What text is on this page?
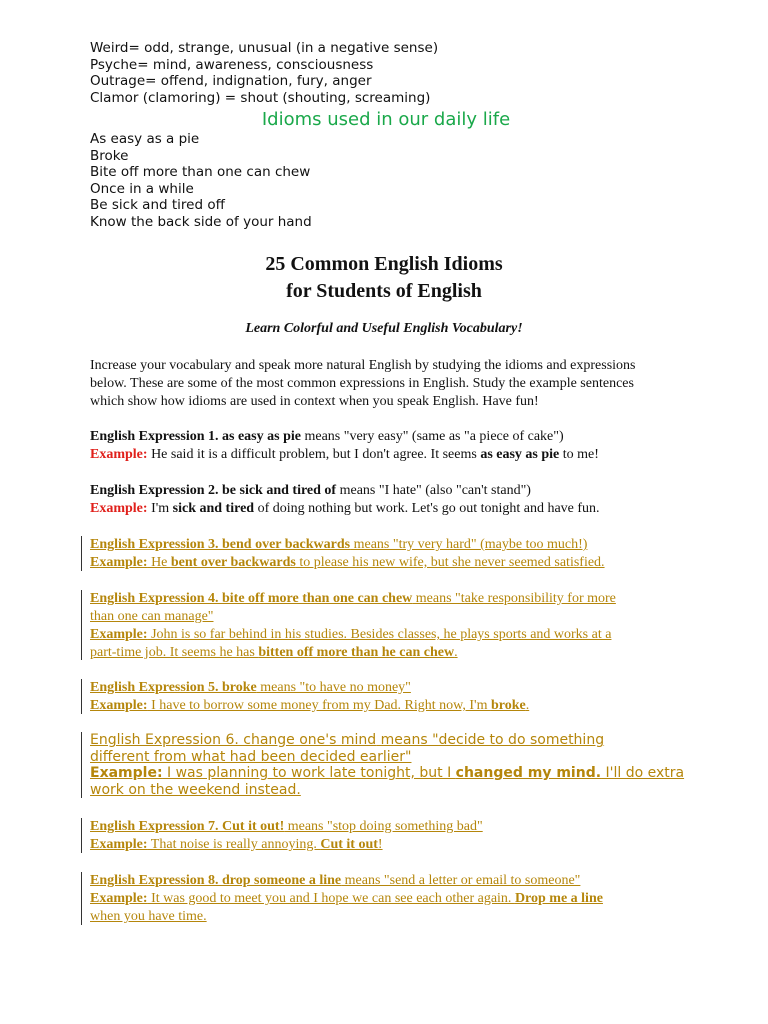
Weird= odd, strange, unusual (in a negative sense)
Psyche= mind, awareness, consciousness
Outrage= offend, indignation, fury, anger
Clamor (clamoring) = shout (shouting, screaming)
Idioms used in our daily life
As easy as a pie
Broke
Bite off more than one can chew
Once in a while
Be sick and tired off
Know the back side of your hand
25 Common English Idioms
for Students of English
Learn Colorful and Useful English Vocabulary!
Increase your vocabulary and speak more natural English by studying the idioms and expressions
below. These are some of the most common expressions in English. Study the example sentences
which show how idioms are used in context when you speak English. Have fun!
English Expression 1. as easy as pie means "very easy" (same as "a piece of cake")
Example: He said it is a difficult problem, but I don't agree. It seems as easy as pie to me!
English Expression 2. be sick and tired of means "I hate" (also "can't stand")
Example: I'm sick and tired of doing nothing but work. Let's go out tonight and have fun.
English Expression 3. bend over backwards means "try very hard" (maybe too much!)
Example: He bent over backwards to please his new wife, but she never seemed satisfied.
English Expression 4. bite off more than one can chew means "take responsibility for more
than one can manage"
Example: John is so far behind in his studies. Besides classes, he plays sports and works at a
part-time job. It seems he has bitten off more than he can chew.
English Expression 5. broke means "to have no money"
Example: I have to borrow some money from my Dad. Right now, I'm broke.
English Expression 6. change one's mind means "decide to do something
different from what had been decided earlier"
Example: I was planning to work late tonight, but I changed my mind. I'll do extra
work on the weekend instead.
English Expression 7. Cut it out! means "stop doing something bad"
Example: That noise is really annoying. Cut it out!
English Expression 8. drop someone a line means "send a letter or email to someone"
Example: It was good to meet you and I hope we can see each other again. Drop me a line
when you have time.
